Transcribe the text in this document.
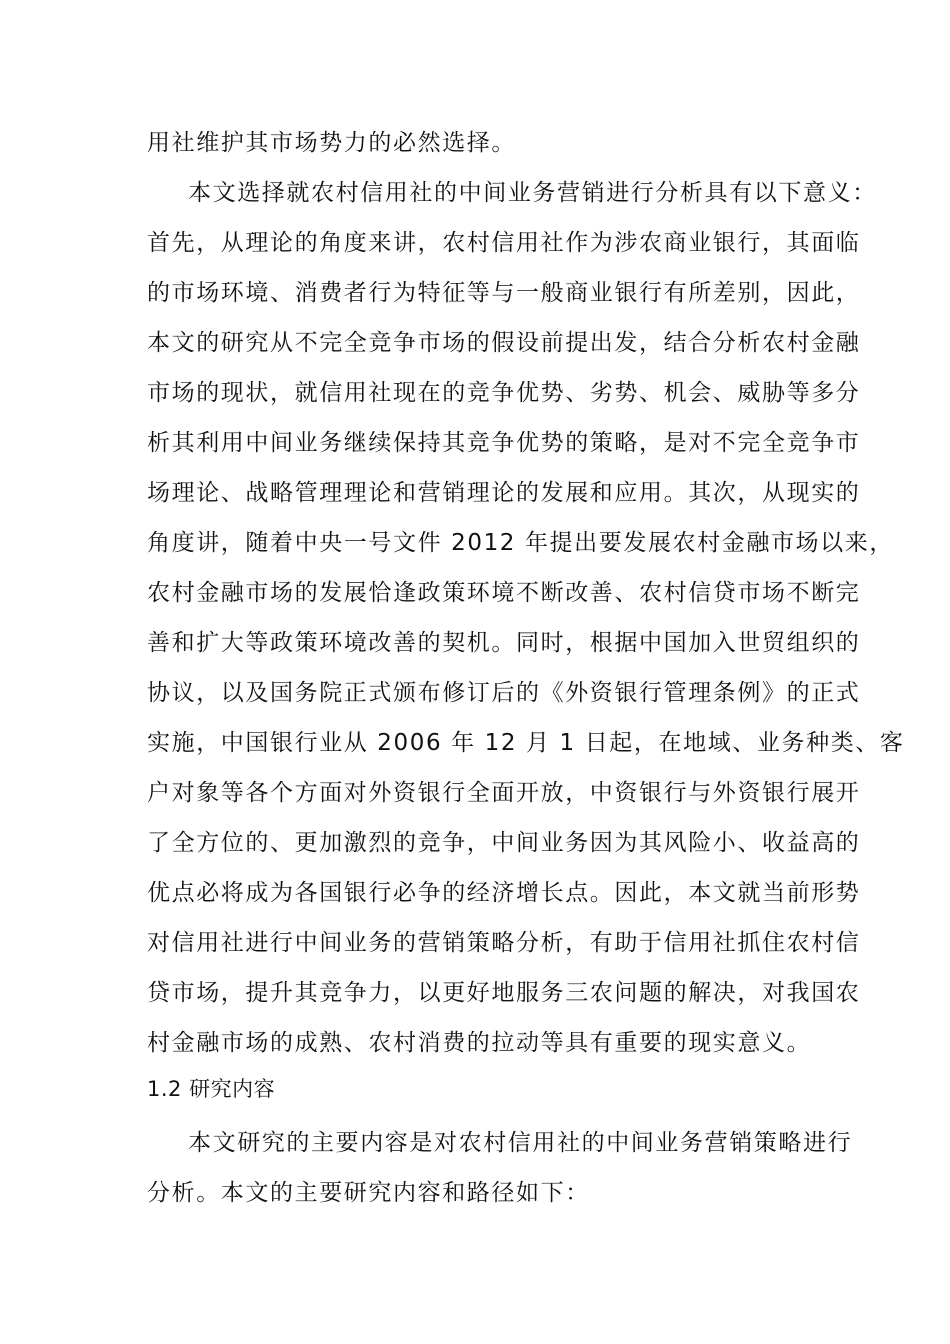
用社维护其市场势力的必然选择。
本文选择就农村信用社的中间业务营销进行分析具有以下意义：
首先，从理论的角度来讲，农村信用社作为涉农商业银行，其面临
的市场环境、消费者行为特征等与一般商业银行有所差别，因此，
本文的研究从不完全竞争市场的假设前提出发，结合分析农村金融
市场的现状，就信用社现在的竞争优势、劣势、机会、威胁等多分
析其利用中间业务继续保持其竞争优势的策略，是对不完全竞争市
场理论、战略管理理论和营销理论的发展和应用。其次，从现实的
角度讲，随着中央一号文件 2012 年提出要发展农村金融市场以来，
农村金融市场的发展恰逢政策环境不断改善、农村信贷市场不断完
善和扩大等政策环境改善的契机。同时，根据中国加入世贸组织的
协议，以及国务院正式颁布修订后的《外资银行管理条例》的正式
实施，中国银行业从 2006 年 12 月 1 日起，在地域、业务种类、客
户对象等各个方面对外资银行全面开放，中资银行与外资银行展开
了全方位的、更加激烈的竞争，中间业务因为其风险小、收益高的
优点必将成为各国银行必争的经济增长点。因此，本文就当前形势
对信用社进行中间业务的营销策略分析，有助于信用社抓住农村信
贷市场，提升其竞争力，以更好地服务三农问题的解决，对我国农
村金融市场的成熟、农村消费的拉动等具有重要的现实意义。
1.2 研究内容
本文研究的主要内容是对农村信用社的中间业务营销策略进行
分析。本文的主要研究内容和路径如下：
